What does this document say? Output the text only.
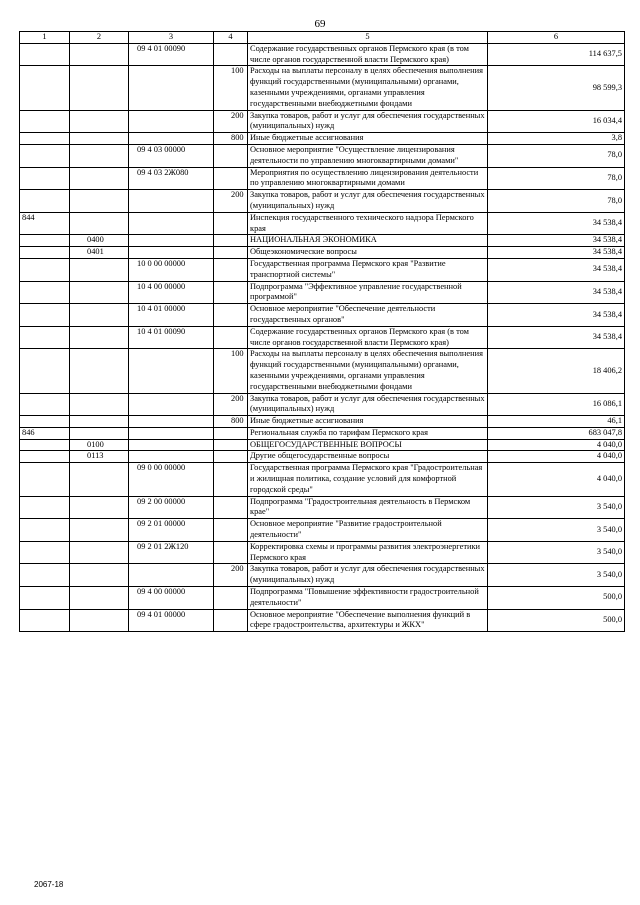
69
1	2	3	4	5	6
		09 4 01 00090		Содержание государственных органов Пермского края (в том числе органов государственной власти Пермского края)	114 637,5
			100	Расходы на выплаты персоналу в целях обеспечения выполнения функций государственными (муниципальными) органами, казенными учреждениями, органами управления государственными внебюджетными фондами	98 599,3
			200	Закупка товаров, работ и услуг для обеспечения государственных (муниципальных) нужд	16 034,4
			800	Иные бюджетные ассигнования	3,8
		09 4 03 00000		Основное мероприятие "Осуществление лицензирования деятельности по управлению многоквартирными домами"	78,0
		09 4 03 2Ж080		Мероприятия по осуществлению лицензирования деятельности по управлению многоквартирными домами	78,0
			200	Закупка товаров, работ и услуг для обеспечения государственных (муниципальных) нужд	78,0
844				Инспекция государственного технического надзора Пермского края	34 538,4
	0400			НАЦИОНАЛЬНАЯ ЭКОНОМИКА	34 538,4
	0401			Общеэкономические вопросы	34 538,4
		10 0 00 00000		Государственная программа Пермского края "Развитие транспортной системы"	34 538,4
		10 4 00 00000		Подпрограмма "Эффективное управление государственной программой"	34 538,4
		10 4 01 00000		Основное мероприятие "Обеспечение деятельности государственных органов"	34 538,4
		10 4 01 00090		Содержание государственных органов Пермского края (в том числе органов государственной власти Пермского края)	34 538,4
			100	Расходы на выплаты персоналу в целях обеспечения выполнения функций государственными (муниципальными) органами, казенными учреждениями, органами управления государственными внебюджетными фондами	18 406,2
			200	Закупка товаров, работ и услуг для обеспечения государственных (муниципальных) нужд	16 086,1
			800	Иные бюджетные ассигнования	46,1
846				Региональная служба по тарифам Пермского края	683 047,8
	0100			ОБЩЕГОСУДАРСТВЕННЫЕ ВОПРОСЫ	4 040,0
	0113			Другие общегосударственные вопросы	4 040,0
		09 0 00 00000		Государственная программа Пермского края "Градостроительная и жилищная политика, создание условий для комфортной городской среды"	4 040,0
		09 2 00 00000		Подпрограмма "Градостроительная деятельность в Пермском крае"	3 540,0
		09 2 01 00000		Основное мероприятие "Развитие градостроительной деятельности"	3 540,0
		09 2 01 2Ж120		Корректировка схемы и программы развития электроэнергетики Пермского края	3 540,0
			200	Закупка товаров, работ и услуг для обеспечения государственных (муниципальных) нужд	3 540,0
		09 4 00 00000		Подпрограмма "Повышение эффективности градостроительной деятельности"	500,0
		09 4 01 00000		Основное мероприятие "Обеспечение выполнения функций в сфере градостроительства, архитектуры и ЖКХ"	500,0
2067-18
